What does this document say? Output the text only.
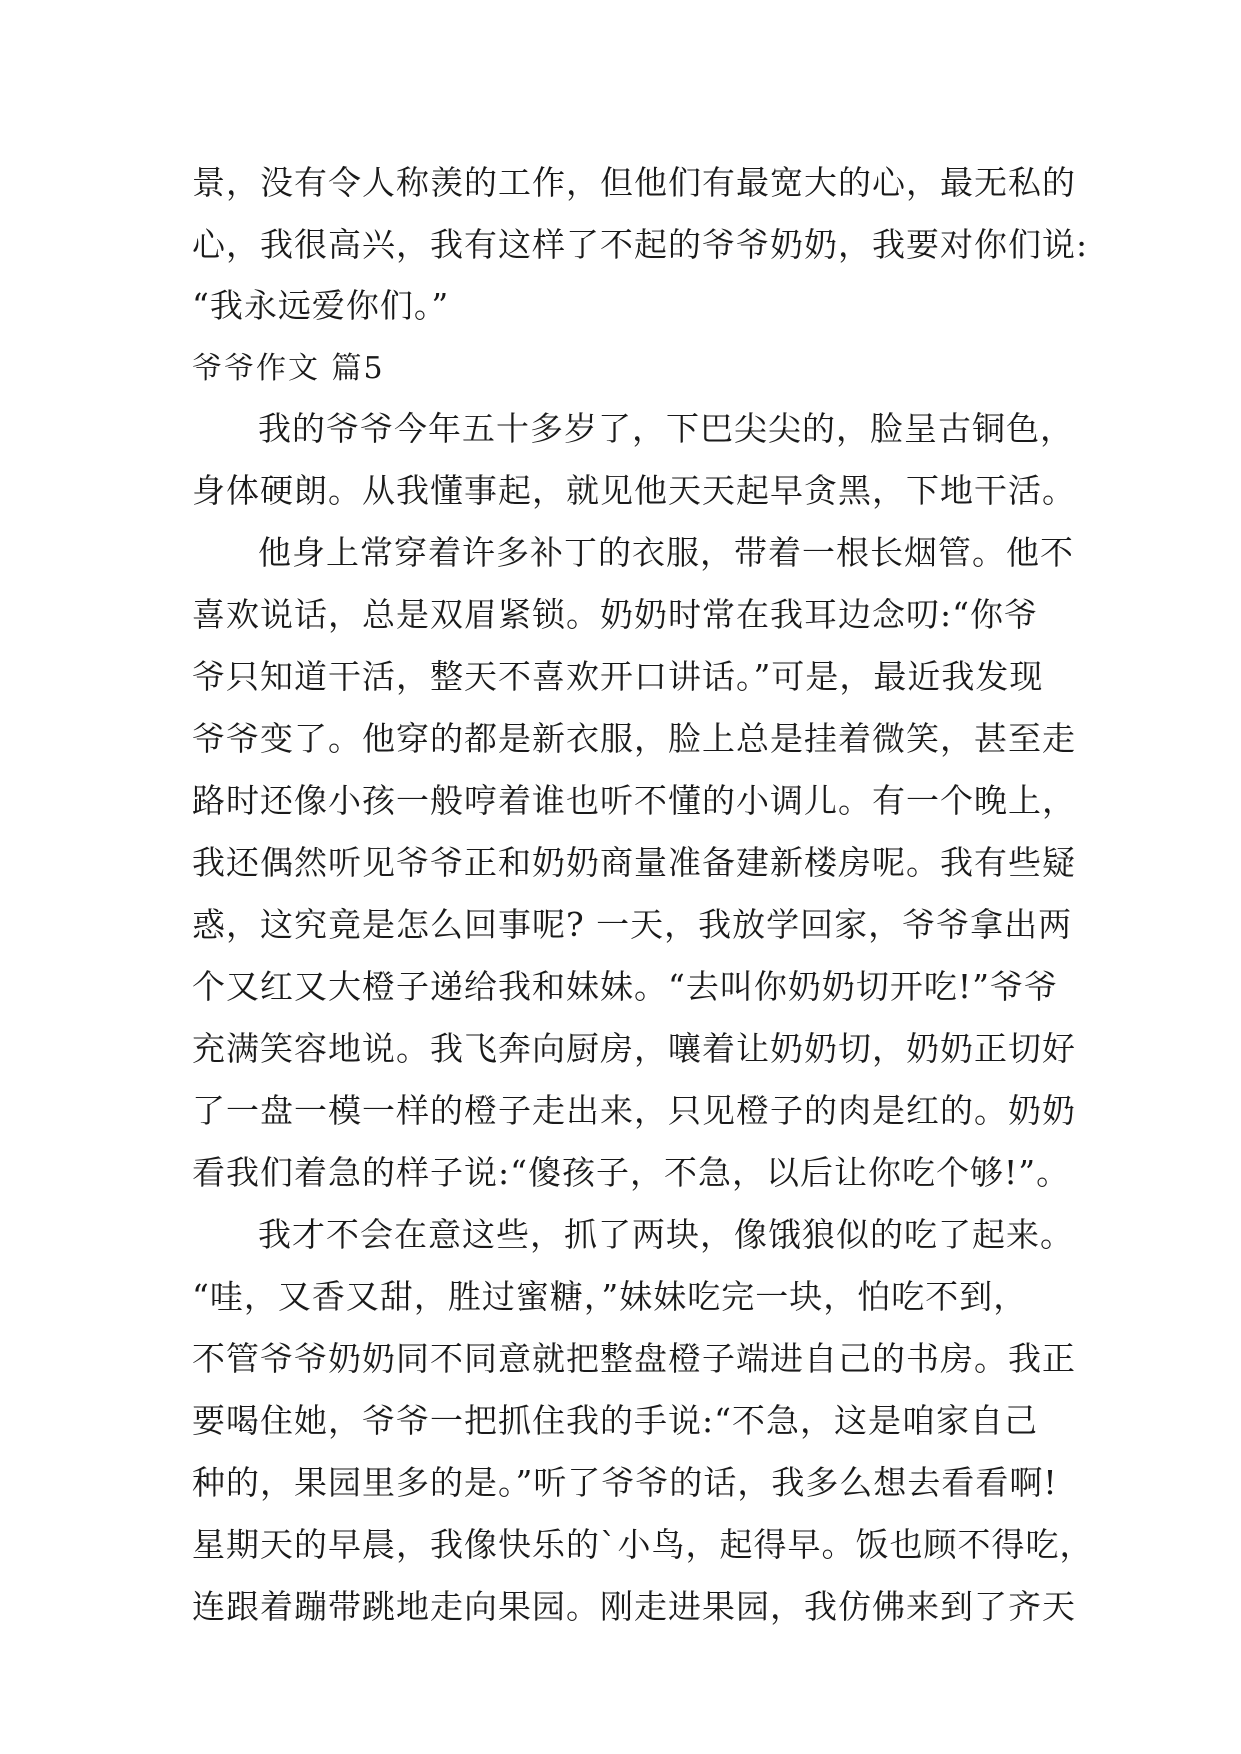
景，没有令人称羡的工作，但他们有最宽大的心，最无私的
心，我很高兴，我有这样了不起的爷爷奶奶，我要对你们说:
“我永远爱你们。”
爷爷作文 篇5
我的爷爷今年五十多岁了，下巴尖尖的，脸呈古铜色，
身体硬朗。从我懂事起，就见他天天起早贪黑，下地干活。
他身上常穿着许多补丁的衣服，带着一根长烟管。他不
喜欢说话，总是双眉紧锁。奶奶时常在我耳边念叨:“你爷
爷只知道干活，整天不喜欢开口讲话。”可是，最近我发现
爷爷变了。他穿的都是新衣服，脸上总是挂着微笑，甚至走
路时还像小孩一般哼着谁也听不懂的小调儿。有一个晚上，
我还偶然听见爷爷正和奶奶商量准备建新楼房呢。我有些疑
惑，这究竟是怎么回事呢? 一天，我放学回家，爷爷拿出两
个又红又大橙子递给我和妹妹。“去叫你奶奶切开吃!”爷爷
充满笑容地说。我飞奔向厨房，嚷着让奶奶切，奶奶正切好
了一盘一模一样的橙子走出来，只见橙子的肉是红的。奶奶
看我们着急的样子说:“傻孩子，不急，以后让你吃个够!”。
我才不会在意这些，抓了两块，像饿狼似的吃了起来。
“哇，又香又甜，胜过蜜糖，”妹妹吃完一块，怕吃不到，
不管爷爷奶奶同不同意就把整盘橙子端进自己的书房。我正
要喝住她，爷爷一把抓住我的手说:“不急，这是咱家自己
种的，果园里多的是。”听了爷爷的话，我多么想去看看啊!
星期天的早晨，我像快乐的`小鸟，起得早。饭也顾不得吃，
连跟着蹦带跳地走向果园。刚走进果园，我仿佛来到了齐天
